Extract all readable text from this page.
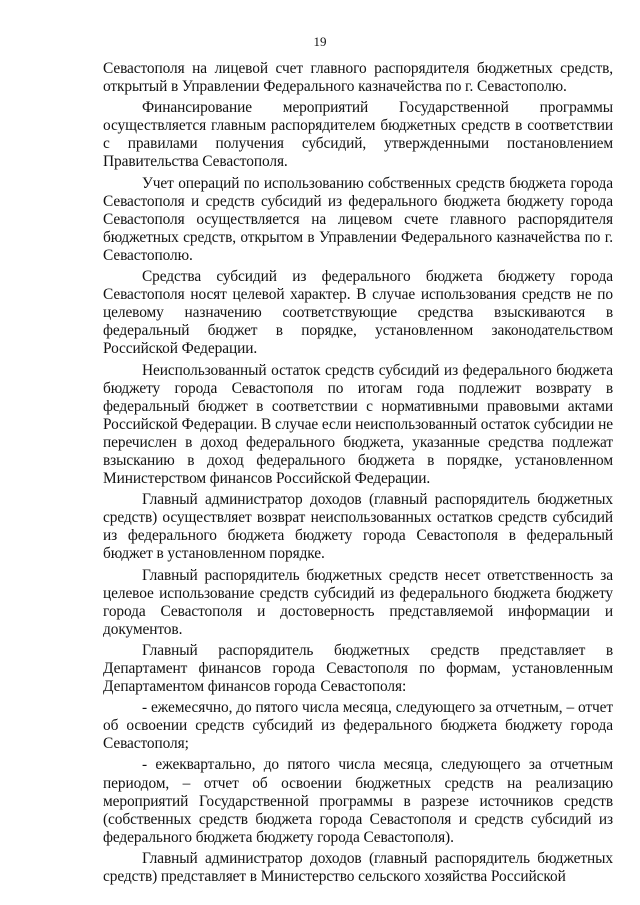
19

Севастополя на лицевой счет главного распорядителя бюджетных средств, открытый в Управлении Федерального казначейства по г. Севастополю.

Финансирование мероприятий Государственной программы осуществляется главным распорядителем бюджетных средств в соответствии с правилами получения субсидий, утвержденными постановлением Правительства Севастополя.

Учет операций по использованию собственных средств бюджета города Севастополя и средств субсидий из федерального бюджета бюджету города Севастополя осуществляется на лицевом счете главного распорядителя бюджетных средств, открытом в Управлении Федерального казначейства по г. Севастополю.

Средства субсидий из федерального бюджета бюджету города Севастополя носят целевой характер. В случае использования средств не по целевому назначению соответствующие средства взыскиваются в федеральный бюджет в порядке, установленном законодательством Российской Федерации.

Неиспользованный остаток средств субсидий из федерального бюджета бюджету города Севастополя по итогам года подлежит возврату в федеральный бюджет в соответствии с нормативными правовыми актами Российской Федерации. В случае если неиспользованный остаток субсидии не перечислен в доход федерального бюджета, указанные средства подлежат взысканию в доход федерального бюджета в порядке, установленном Министерством финансов Российской Федерации.

Главный администратор доходов (главный распорядитель бюджетных средств) осуществляет возврат неиспользованных остатков средств субсидий из федерального бюджета бюджету города Севастополя в федеральный бюджет в установленном порядке.

Главный распорядитель бюджетных средств несет ответственность за целевое использование средств субсидий из федерального бюджета бюджету города Севастополя и достоверность представляемой информации и документов.

Главный распорядитель бюджетных средств представляет в Департамент финансов города Севастополя по формам, установленным Департаментом финансов города Севастополя:

- ежемесячно, до пятого числа месяца, следующего за отчетным, – отчет об освоении средств субсидий из федерального бюджета бюджету города Севастополя;

- ежеквартально, до пятого числа месяца, следующего за отчетным периодом, – отчет об освоении бюджетных средств на реализацию мероприятий Государственной программы в разрезе источников средств (собственных средств бюджета города Севастополя и средств субсидий из федерального бюджета бюджету города Севастополя).

Главный администратор доходов (главный распорядитель бюджетных средств) представляет в Министерство сельского хозяйства Российской
